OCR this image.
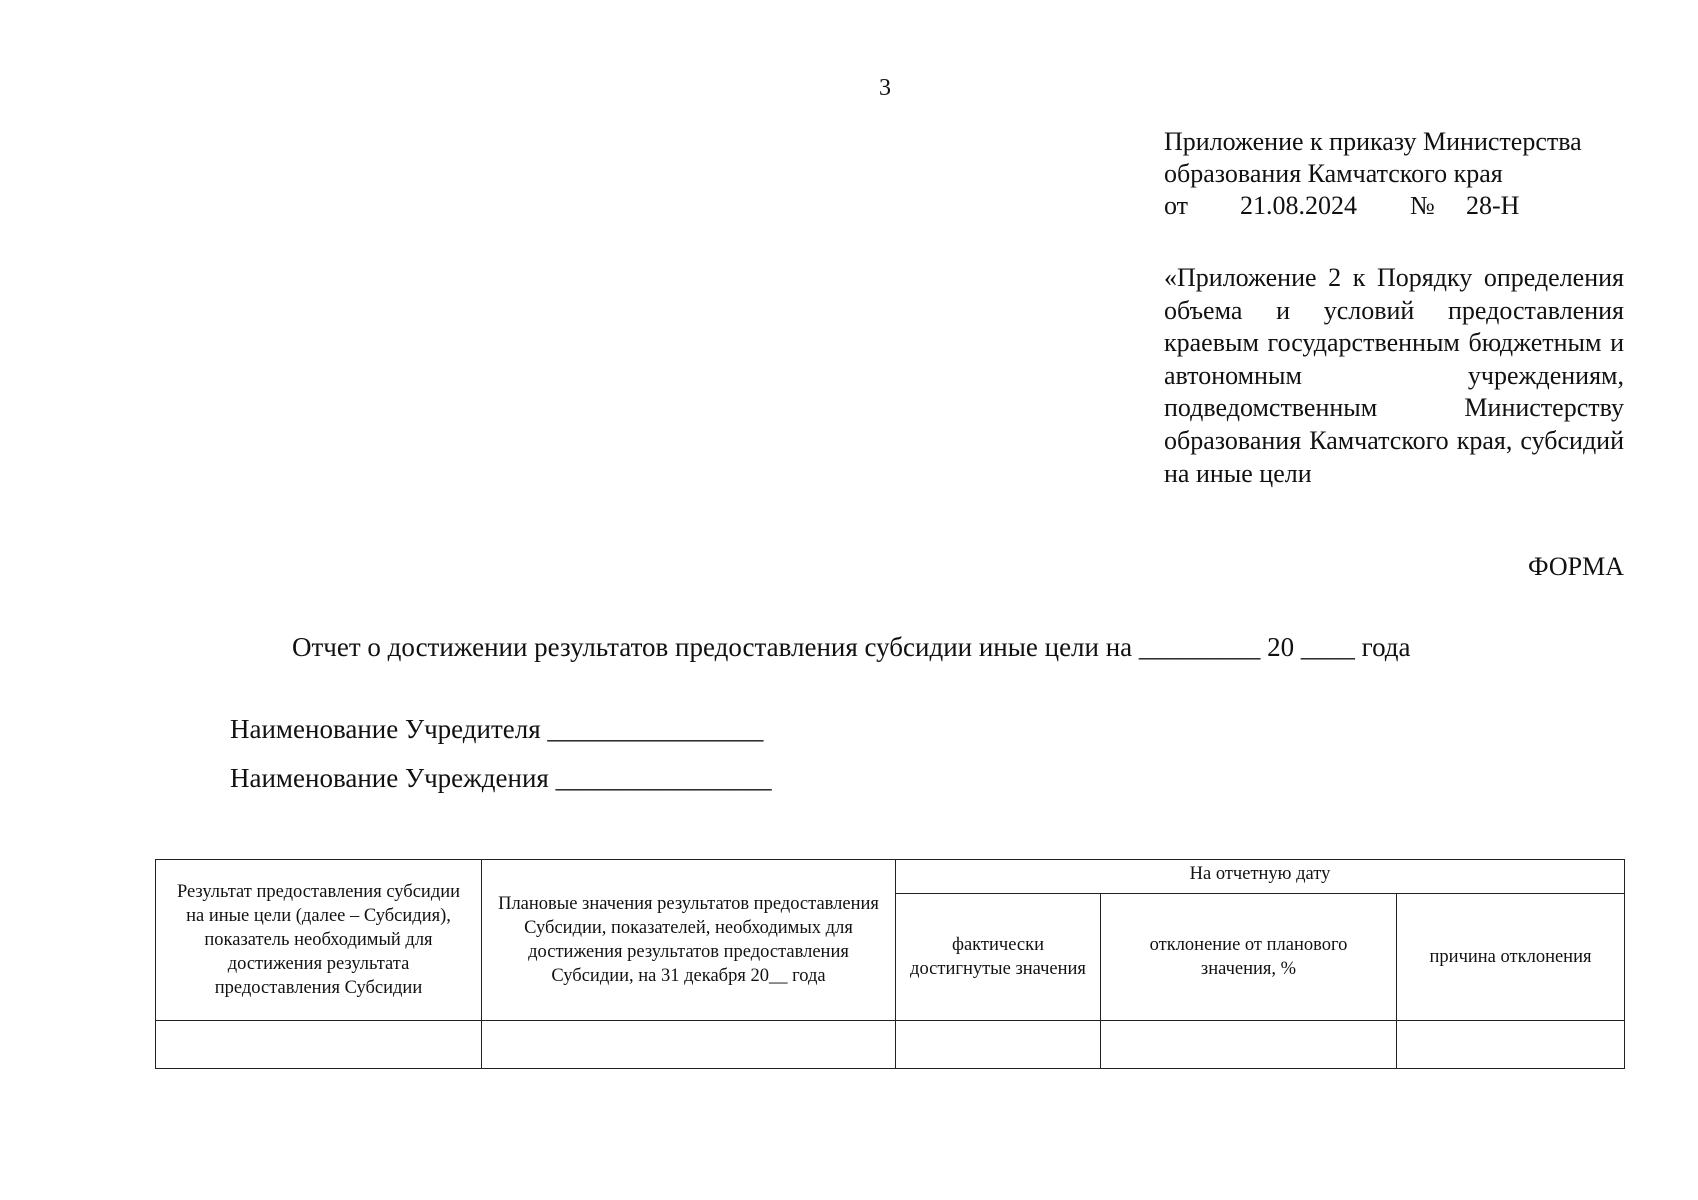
3
Приложение к приказу Министерства
образования Камчатского края
от	21.08.2024	№	28-Н
«Приложение 2 к Порядку определения объема и условий предоставления краевым государственным бюджетным и автономным учреждениям, подведомственным Министерству образования Камчатского края, субсидий на иные цели
ФОРМА
Отчет о достижении результатов предоставления субсидии иные цели на _________ 20 ____ года
Наименование Учредителя ________________
Наименование Учреждения ________________
Результат предоставления субсидии на иные цели (далее – Субсидия), показатель необходимый для достижения результата предоставления Субсидии	Плановые значения результатов предоставления Субсидии, показателей, необходимых для достижения результатов предоставления Субсидии, на 31 декабря 20__ года	На отчетную дату		
		фактически достигнутые значения	отклонение от планового значения, %	причина отклонения
